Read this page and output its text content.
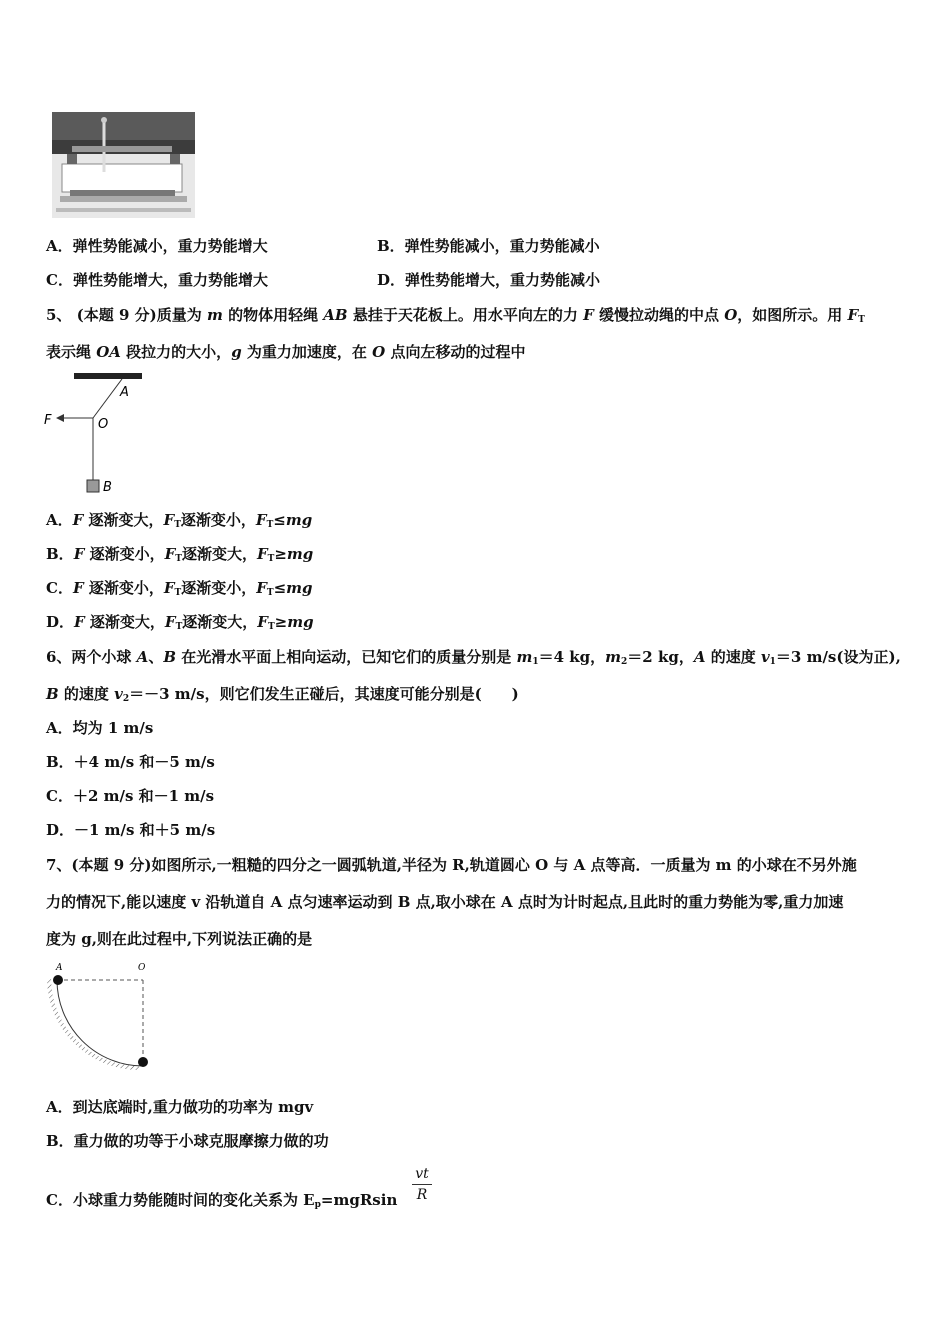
A．弹性势能减小，重力势能增大	B．弹性势能减小，重力势能减小
C．弹性势能增大，重力势能增大	D．弹性势能增大，重力势能减小
5、 (本题 9 分)质量为 m 的物体用轻绳 AB 悬挂于天花板上。用水平向左的力 F 缓慢拉动绳的中点 O，如图所示。用 $F_T$
表示绳 OA 段拉力的大小，g 为重力加速度，在 O 点向左移动的过程中
A
O
F
B
A．F 逐渐变大，$F_T$逐渐变小，$F_T\le mg$
B．F 逐渐变小，$F_T$逐渐变大，$F_T\ge mg$
C．F 逐渐变小，$F_T$逐渐变小，$F_T\le mg$
D．F 逐渐变大，$F_T$逐渐变大，$F_T\ge mg$
6、两个小球 A、B 在光滑水平面上相向运动，已知它们的质量分别是 $m_1=4$ kg，$m_2=2$ kg，A 的速度 $v_1=3$ m/s(设为正),
B 的速度 $v_2=-3$ m/s，则它们发生正碰后，其速度可能分别是(　　)
A．均为 1 m/s
B．＋4 m/s 和－5 m/s
C．＋2 m/s 和－1 m/s
D．－1 m/s 和＋5 m/s
7、(本题 9 分)如图所示,一粗糙的四分之一圆弧轨道,半径为 R,轨道圆心 O 与 A 点等高．一质量为 m 的小球在不另外施
力的情况下,能以速度 v 沿轨道自 A 点匀速率运动到 B 点,取小球在 A 点时为计时起点,且此时的重力势能为零,重力加速
度为 g,则在此过程中,下列说法正确的是
A	O
A．到达底端时,重力做功的功率为 mgv
B．重力做的功等于小球克服摩擦力做的功
C．小球重力势能随时间的变化关系为 $E_p=mgRsin \frac{vt}{R}$
